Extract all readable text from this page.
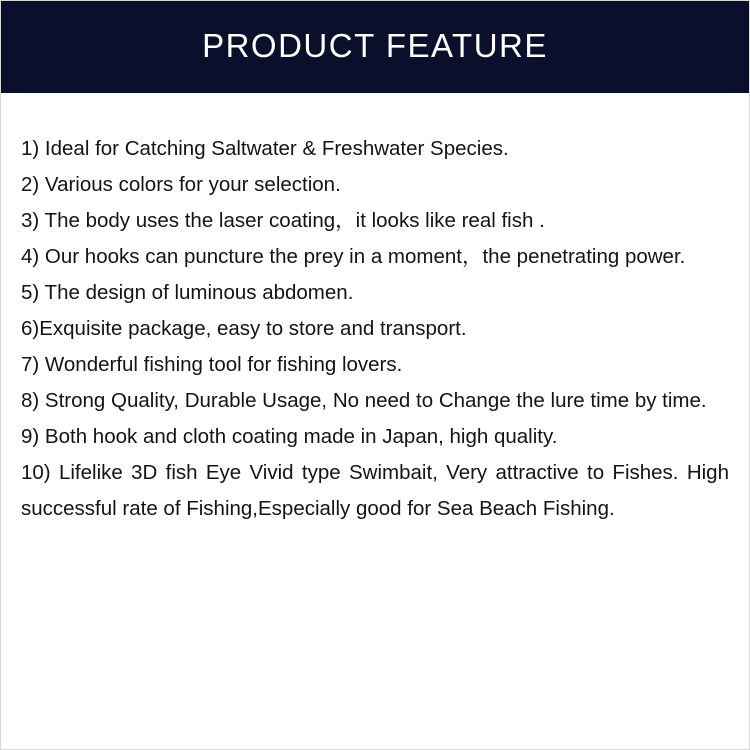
PRODUCT FEATURE
1) Ideal for Catching Saltwater & Freshwater Species.
2) Various colors for your selection.
3) The body uses the laser coating，it looks like real fish .
4) Our hooks can puncture the prey in a moment，the penetrating power.
5) The design of luminous abdomen.
6)Exquisite package, easy to store and transport.
7) Wonderful fishing tool for fishing lovers.
8) Strong Quality, Durable Usage, No need to Change the lure time by time.
9) Both hook and cloth coating made in Japan, high quality.
10) Lifelike 3D fish Eye Vivid type Swimbait, Very attractive to Fishes. High successful rate of Fishing,Especially good for Sea Beach Fishing.
